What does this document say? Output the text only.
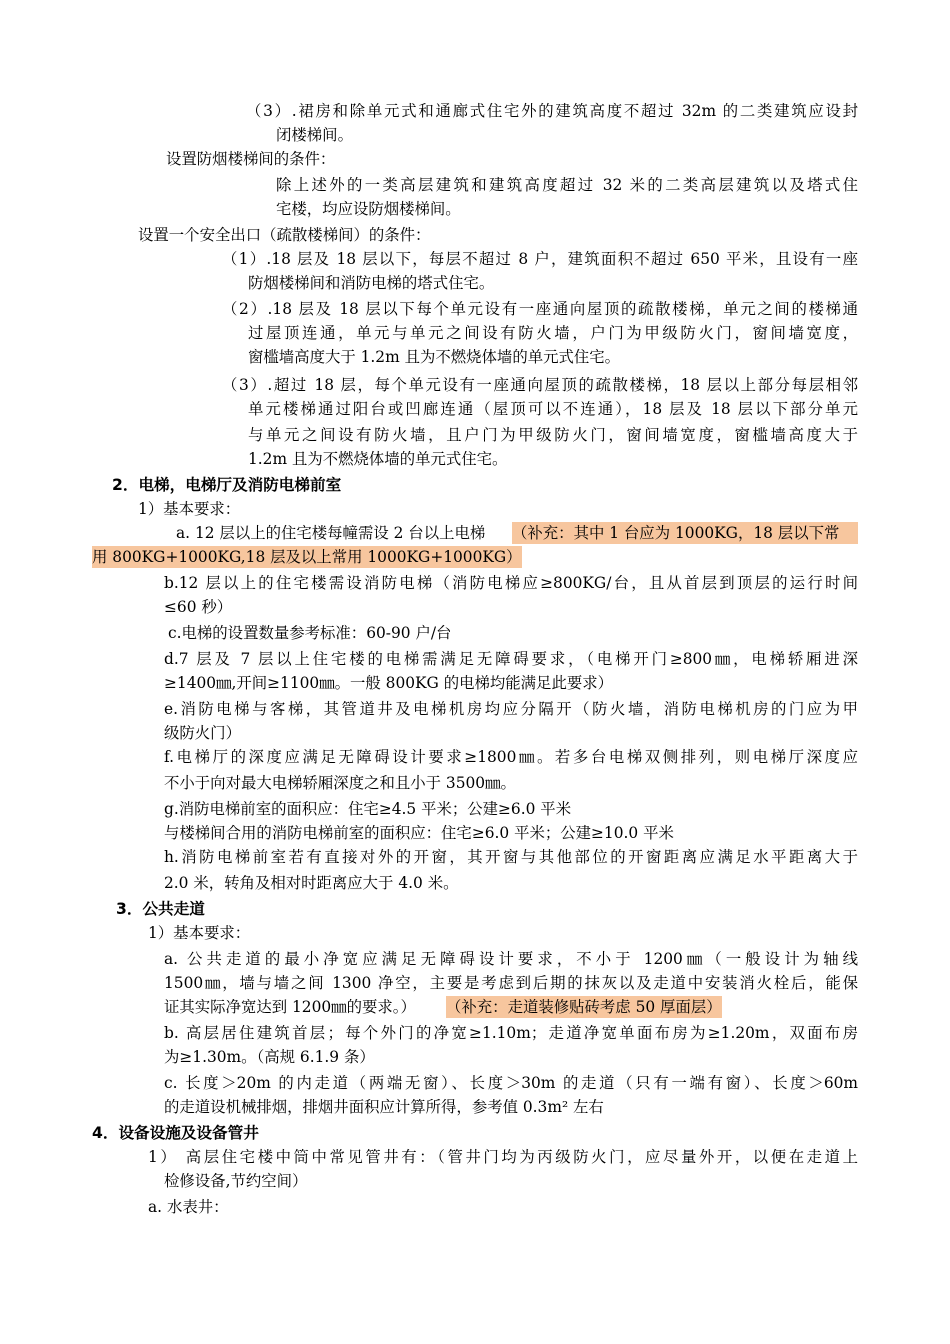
（3）.裙房和除单元式和通廊式住宅外的建筑高度不超过 32m 的二类建筑应设封
闭楼梯间。
设置防烟楼梯间的条件：
除上述外的一类高层建筑和建筑高度超过 32 米的二类高层建筑以及塔式住
宅楼，均应设防烟楼梯间。
设置一个安全出口（疏散楼梯间）的条件：
（1）.18 层及 18 层以下，每层不超过 8 户，建筑面积不超过 650 平米，且设有一座
防烟楼梯间和消防电梯的塔式住宅。
（2）.18 层及 18 层以下每个单元设有一座通向屋顶的疏散楼梯，单元之间的楼梯通
过屋顶连通，单元与单元之间设有防火墙，户门为甲级防火门，窗间墙宽度，
窗槛墙高度大于 1.2m 且为不燃烧体墙的单元式住宅。
（3）.超过 18 层，每个单元设有一座通向屋顶的疏散楼梯，18 层以上部分每层相邻
单元楼梯通过阳台或凹廊连通（屋顶可以不连通），18 层及 18 层以下部分单元
与单元之间设有防火墙，且户门为甲级防火门，窗间墙宽度，窗槛墙高度大于
1.2m 且为不燃烧体墙的单元式住宅。
2．电梯，电梯厅及消防电梯前室
1）基本要求：
a. 12 层以上的住宅楼每幢需设 2 台以上电梯 （补充：其中 1 台应为 1000KG，18 层以下常
用 800KG+1000KG,18 层及以上常用 1000KG+1000KG）
b.12 层以上的住宅楼需设消防电梯（消防电梯应≥800KG/台，且从首层到顶层的运行时间
≤60 秒）
c.电梯的设置数量参考标准：60-90 户/台
d.7 层及 7 层以上住宅楼的电梯需满足无障碍要求，（电梯开门≥800㎜，电梯轿厢进深
≥1400㎜,开间≥1100㎜。一般 800KG 的电梯均能满足此要求）
e.消防电梯与客梯，其管道井及电梯机房均应分隔开（防火墙，消防电梯机房的门应为甲
级防火门）
f.电梯厅的深度应满足无障碍设计要求≥1800㎜。若多台电梯双侧排列，则电梯厅深度应
不小于向对最大电梯轿厢深度之和且小于 3500㎜。
g.消防电梯前室的面积应：住宅≥4.5 平米；公建≥6.0 平米
与楼梯间合用的消防电梯前室的面积应：住宅≥6.0 平米；公建≥10.0 平米
h.消防电梯前室若有直接对外的开窗，其开窗与其他部位的开窗距离应满足水平距离大于
2.0 米，转角及相对时距离应大于 4.0 米。
3．公共走道
1）基本要求：
a. 公共走道的最小净宽应满足无障碍设计要求，不小于 1200㎜（一般设计为轴线
1500㎜，墙与墙之间 1300 净空，主要是考虑到后期的抹灰以及走道中安装消火栓后，能保
证其实际净宽达到 1200㎜的要求。） （补充：走道装修贴砖考虑 50 厚面层）
b. 高层居住建筑首层；每个外门的净宽≥1.10m；走道净宽单面布房为≥1.20m，双面布房
为≥1.30m。（高规 6.1.9 条）
c. 长度＞20m 的内走道（两端无窗）、长度＞30m 的走道（只有一端有窗）、长度＞60m
的走道设机械排烟，排烟井面积应计算所得，参考值 0.3m² 左右
4．设备设施及设备管井
1） 高层住宅楼中筒中常见管井有：（管井门均为丙级防火门，应尽量外开，以便在走道上
检修设备,节约空间）
a. 水表井：
